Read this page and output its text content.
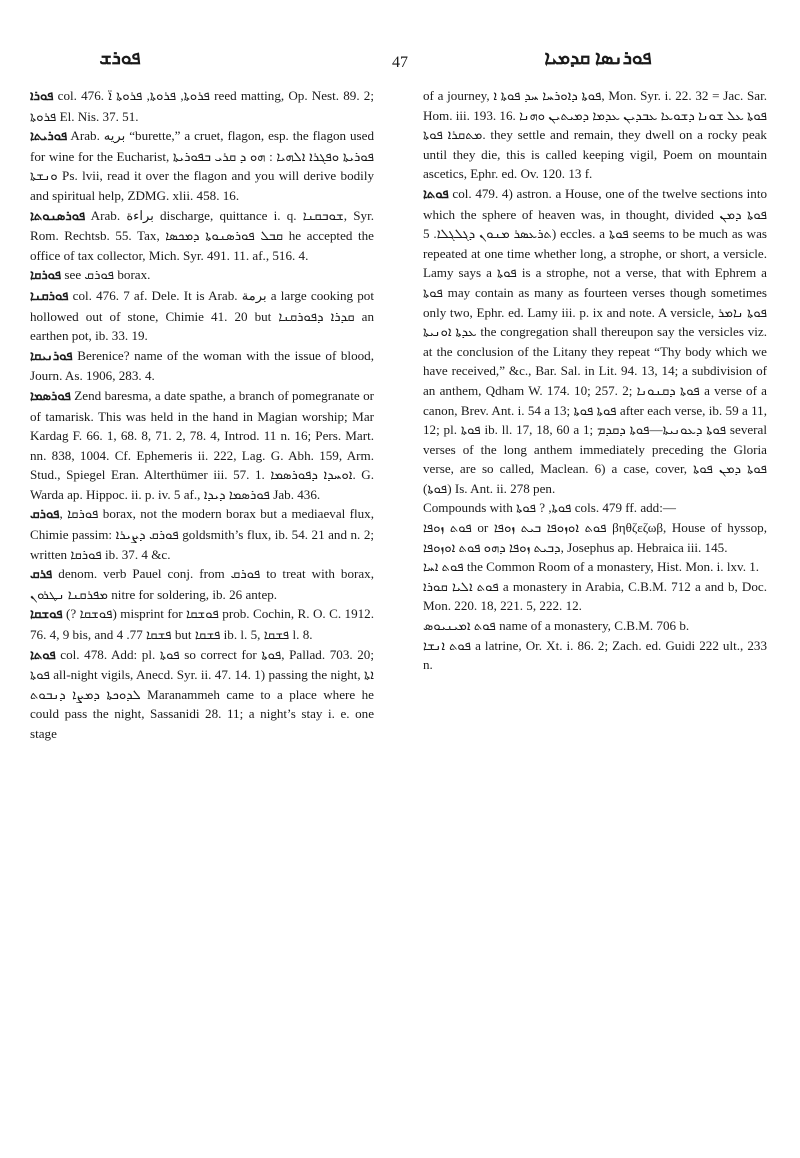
ܦܘܪܫ	47	ܦܘܪܢܣܐ ܩܕܡܝܐ

ܦܘܪܐ col. 476. ܦܪܘܬܐ, ܦܪܘܬܐ, ܦܪܘܬܐ ܐ̈ reed matting, Op. Nest. 89. 2; ܦܪܘܬܐ El. Nis. 37. 51.

ܦܘܪܝܬܐ Arab. ‮ﺑﺮﻳﻪ‬ “burette,” a cruet, flagon, esp. the flagon used for wine for the Eucharist, ܦܘܪܝܬܐ ܘܦܓܪܐ ܐܠܗܝܐ : ܗܘ ܕ ܩܪܝ ܒܦܘܪܝܬܐ ܘܢܫܬܐ Ps. lvii, read it over the flagon and you will derive bodily and spiritual help, ZDMG. xlii. 458. 16.

ܦܘܪܣܢܘܬܐ Arab. ‮ﺑﺮاﺀﺓ‬ discharge, quittance i. q. ܫܘܒܩܢܐ, Syr. Rom. Rechtsb. 55. Tax, ܩܒܠ ܦܘܪܣܢܘܬܐ ܕܡܟܣܐ he accepted the office of tax collector, Mich. Syr. 491. 11. af., 516. 4.

ܦܘܪܩܐ see ܦܘܪܩ borax.

ܦܘܪܩܢܐ col. 476. 7 af. Dele. It is Arab. ‮ﺑﺮﻣﺔ‬ a large cooking pot hollowed out of stone, Chimie 41. 20 but ܩܕܪܐ ܕܦܘܪܩܢܐ an earthen pot, ib. 33. 19.

ܦܘܪܢܝܩܐ Berenice? name of the woman with the issue of blood, Journ. As. 1906, 283. 4.

ܦܘܪܣܡܐ Zend baresma, a date spathe, a branch of pomegranate or of tamarisk. This was held in the hand in Magian worship; Mar Kardag F. 66. 1, 68. 8, 71. 2, 78. 4, Introd. 11 n. 16; Pers. Mart. nn. 838, 1004. Cf. Ephemeris ii. 222, Lag. G. Abh. 159, Arm. Stud., Spiegel Eran. Alterthümer iii. 57. 1. ܐܘܚܕܐ ܕܦܘܪܣܡܐ. G. Warda ap. Hippoc. ii. p. iv. 5 af., ܦܘܪܣܡܐ ܕܝܕܐ Jab. 436.

ܦܘܪܩ, ܦܘܪܩܐ borax, not the modern borax but a mediaeval flux, Chimie passim: ܦܘܪܩ ܕܨܝܪܐ goldsmith’s flux, ib. 54. 21 and n. 2; written ܦܘܪܩܐ ib. 37. 4 &c.

ܦܪܩ denom. verb Pauel conj. from ܦܘܪܩ to treat with borax, ܡܦܪܩܢܐ ܢܛܪܘܢ nitre for soldering, ib. 26 antep.

ܦܘܫܩܐ (? ܦܘܫܩܐ) misprint for ܦܘܫܩܐ prob. Cochin, R. O. C. 1912. 76. 4, 9 bis, and ܦܫܩܐ 77. 4 but ܦܫܩܐ ib. l. 5, ܦܫܩܐ l. 8.

ܦܘܬܐ col. 478. Add: pl. ܦܘܬܐ so correct for ܦܘܬܐ, Pallad. 703. 20; ܦܘܬܐ all-night vigils, Anecd. Syr. ii. 47. 14. 1) passing the night, ܐܬܐ ܠܕܘܟܬܐ ܕܡܨܐ ܕܢܒܘܬ Maranammeh came to a place where he could pass the night, Sassanidi 28. 11; a night’s stay i. e. one stage

of a journey, ܦܘܬܐ ܕܐܘܪܚܐ ܚܕ ܦܘܬܐ ܐ, Mon. Syr. i. 22. 32 = Jac. Sar. Hom. iii. 193. 16. ܦܘܬܐ ܥܠ ܫܘܢܐ ܕܫܘܥܐ ܥܒܕܝܢ ܥܕܡܐ ܕܡܝܬܝܢ ܘܗܢܐ ܡܬܩܪܐ ܦܘܬܐ. they settle and remain, they dwell on a rocky peak until they die, this is called keeping vigil, Poem on mountain ascetics, Ephr. ed. Ov. 120. 13 f.

ܦܘܬܐ col. 479. 4) astron. a House, one of the twelve sections into which the sphere of heaven was, in thought, divided ܦܘܬܐ ܕܡܢ ܬܪܥܣܪ ܡܢܘܢ ܕܓܠܓܠܐ. 5) eccles. a ܦܘܬܐ seems to be much as was repeated at one time whether long, a strophe, or short, a versicle. Lamy says a ܦܘܬܐ is a strophe, not a verse, that with Ephrem a ܦܘܬܐ may contain as many as fourteen verses though sometimes only two, Ephr. ed. Lamy iii. p. ix and note. A versicle, ܦܘܬܐ ܢܐܡܪ ܥܕܬܐ ܐܘܢܝܬܐ the congregation shall thereupon say the versicles viz. at the conclusion of the Litany they repeat “Thy body which we have received,” &c., Bar. Sal. in Lit. 94. 13, 14; a subdivision of an anthem, Qdham W. 174. 10; 257. 2; ܦܘܬܐ ܕܩܢܘܢܐ a verse of a canon, Brev. Ant. i. 54 a 13; ܦܘܬܐ ܦܘܬܐ after each verse, ib. 59 a 11, 12; pl. ܦܘܬܐ ib. ll. 17, 18, 60 a 1; ܦܘܬܐ ܕܥܘܢܝܬܐ—ܦܘܬܐ ܕܩܕܡ several verses of the long anthem immediately preceding the Gloria verse, are so called, Maclean. 6) a case, cover, ܦܘܬܐ ܕܡܢ ܦܘܬܐ (ܦܘܬܐ) Is. Ant. ii. 278 pen.

Compounds with ܦܘܬܐ, ? ܦܘܬܐ cols. 479 ff. add:—

ܦܘܬ ܙܘܦܐ or ܦܘܬ ܐܘܙܘܦܐ ܒܝܬ ܙܘܦܐ βηθζεζωβ, House of hyssop, ܕܒܝܬ ܙܘܦܐ ܕܗܘ ܦܘܬ ܐܘܙܘܦܐ, Josephus ap. Hebraica iii. 145.

ܦܘܬ ܐܚܐ the Common Room of a monastery, Hist. Mon. i. lxv. 1.

ܦܘܬ ܐܠܝܐ ܩܘܪܐ a monastery in Arabia, C.B.M. 712 a and b, Doc. Mon. 220. 18, 221. 5, 222. 12.

ܦܘܬ ܐܡܝܢܝܘܣ name of a monastery, C.B.M. 706 b.

ܦܘܬ ܐܢܫܐ a latrine, Or. Xt. i. 86. 2; Zach. ed. Guidi 222 ult., 233 n.
